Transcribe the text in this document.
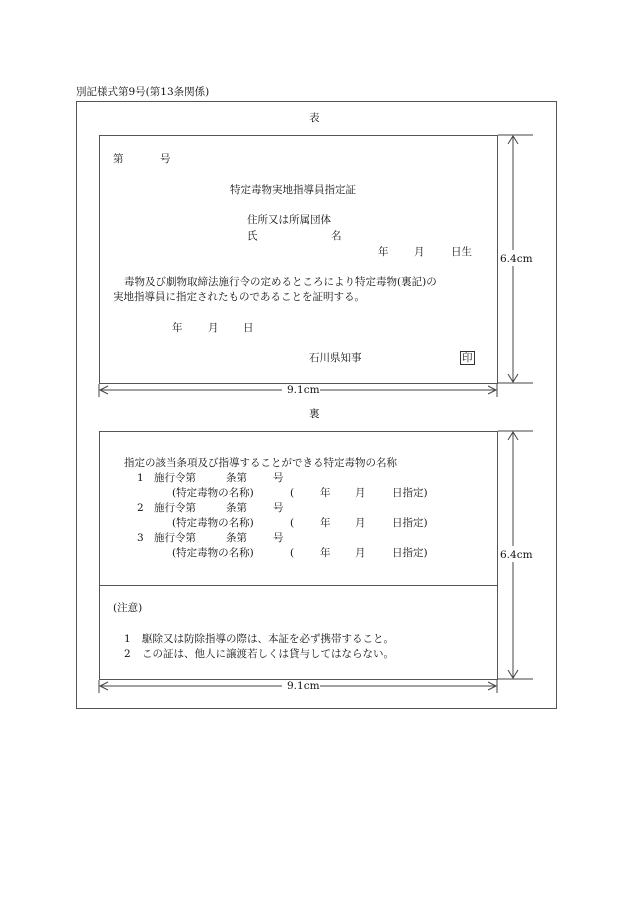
別記様式第9号(第13条関係)
表
第	号
特定毒物実地指導員指定証
住所又は所属団体
氏	名
年 月	日生
毒物及び劇物取締法施行令の定めるところにより特定毒物(裏記)の
実地指導員に指定されたものであることを証明する。
年 月 日
石川県知事	印
6.4cm
9.1cm
裏
指定の該当条項及び指導することができる特定毒物の名称
1 施行令第	条第 号
(特定毒物の名称)	( 年 月	日指定)
2 施行令第	条第 号
(特定毒物の名称)	( 年 月	日指定)
3 施行令第	条第 号
(特定毒物の名称)	( 年 月	日指定)
(注意)
1 駆除又は防除指導の際は、本証を必ず携帯すること。
2 この証は、他人に譲渡若しくは貸与してはならない。
6.4cm
9.1cm
